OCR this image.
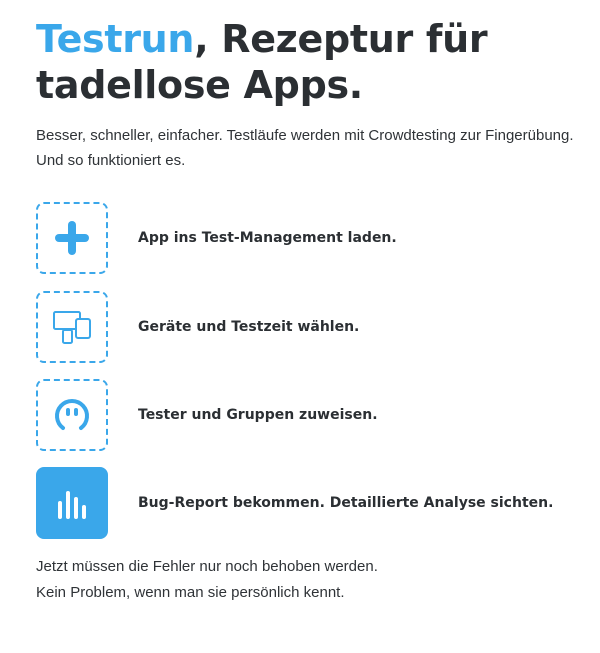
Testrun, Rezeptur für
tadellose Apps.

Besser, schneller, einfacher. Testläufe werden mit Crowdtesting zur Fingerübung. Und so funktioniert es.

App ins Test-Management laden.
Geräte und Testzeit wählen.
Tester und Gruppen zuweisen.
Bug-Report bekommen. Detaillierte Analyse sichten.

Jetzt müssen die Fehler nur noch behoben werden.

Kein Problem, wenn man sie persönlich kennt.
